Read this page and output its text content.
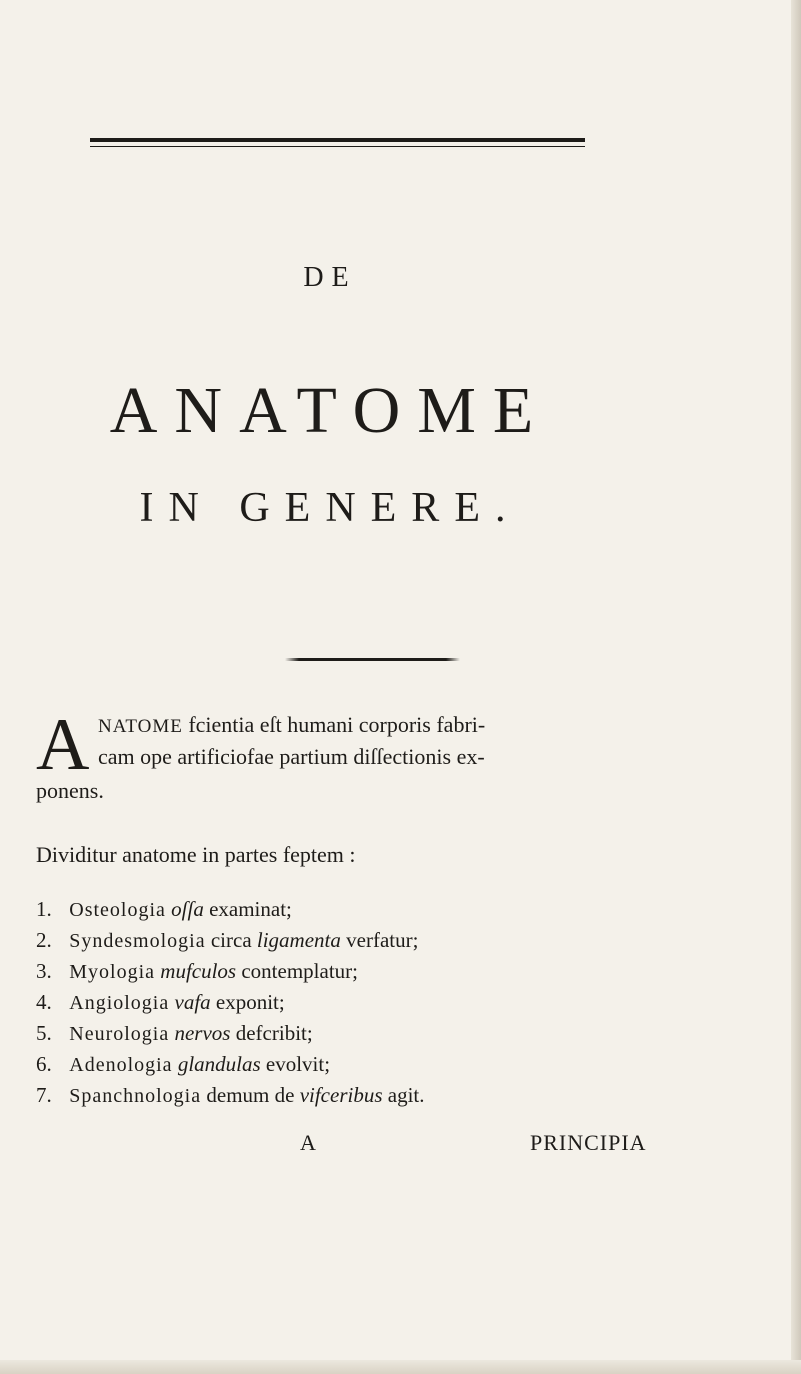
DE
ANATOME
IN GENERE.
A NATOME fcientia eſt humani corporis fabri-
cam ope artificiofae partium diſſectionis ex-
ponens.
Dividitur anatome in partes feptem :
1. Osteologia oſſa examinat;
2. Syndesmologia circa ligamenta verfatur;
3. Myologia mufculos contemplatur;
4. Angiologia vafa exponit;
5. Neurologia nervos defcribit;
6. Adenologia glandulas evolvit;
7. Spanchnologia demum de vifceribus agit.
A	PRINCIPIA
